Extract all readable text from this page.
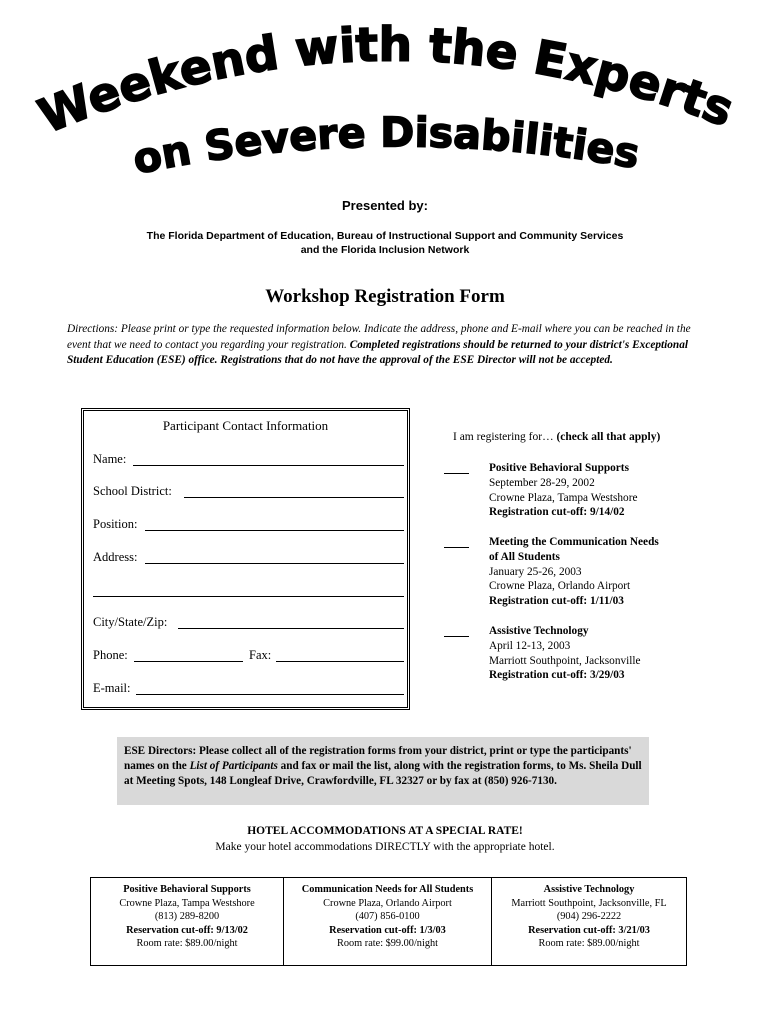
Weekend with the Experts
on Severe Disabilities
Presented by:
The Florida Department of Education, Bureau of Instructional Support and Community Services
and the Florida Inclusion Network
Workshop Registration Form
Directions: Please print or type the requested information below. Indicate the address, phone and E-mail where you can be reached in the event that we need to contact you regarding your registration. Completed registrations should be returned to your district's Exceptional Student Education (ESE) office. Registrations that do not have the approval of the ESE Director will not be accepted.
Participant Contact Information
Name:
School District:
Position:
Address:
City/State/Zip:
Phone:	Fax:
E-mail:
I am registering for… (check all that apply)
Positive Behavioral Supports
September 28-29, 2002
Crowne Plaza, Tampa Westshore
Registration cut-off: 9/14/02
Meeting the Communication Needs
of All Students
January 25-26, 2003
Crowne Plaza, Orlando Airport
Registration cut-off: 1/11/03
Assistive Technology
April 12-13, 2003
Marriott Southpoint, Jacksonville
Registration cut-off: 3/29/03
ESE Directors: Please collect all of the registration forms from your district, print or type the participants' names on the List of Participants and fax or mail the list, along with the registration forms, to Ms. Sheila Dull at Meeting Spots, 148 Longleaf Drive, Crawfordville, FL 32327 or by fax at (850) 926-7130.
HOTEL ACCOMMODATIONS AT A SPECIAL RATE!
Make your hotel accommodations DIRECTLY with the appropriate hotel.
Positive Behavioral Supports
Crowne Plaza, Tampa Westshore
(813) 289-8200
Reservation cut-off: 9/13/02
Room rate: $89.00/night
Communication Needs for All Students
Crowne Plaza, Orlando Airport
(407) 856-0100
Reservation cut-off: 1/3/03
Room rate: $99.00/night
Assistive Technology
Marriott Southpoint, Jacksonville, FL
(904) 296-2222
Reservation cut-off: 3/21/03
Room rate: $89.00/night
